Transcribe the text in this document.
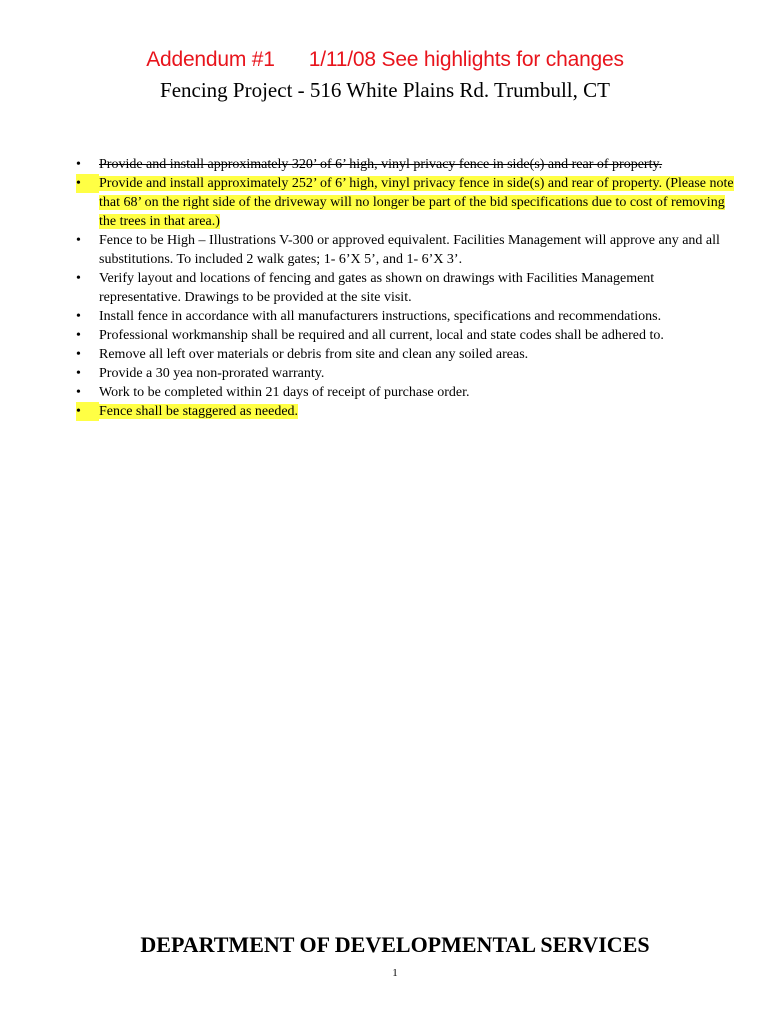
Addendum #1 1/11/08 See highlights for changes
Fencing Project - 516 White Plains Rd. Trumbull, CT
•	Provide and install approximately 320’ of 6’ high, vinyl privacy fence in side(s) and rear of property.
•	Provide and install approximately 252’ of 6’ high, vinyl privacy fence in side(s) and rear of property. (Please note that 68’ on the right side of the driveway will no longer be part of the bid specifications due to cost of removing the trees in that area.)
•	Fence to be High – Illustrations V-300 or approved equivalent. Facilities Management will approve any and all substitutions. To included 2 walk gates; 1- 6’X 5’, and 1- 6’X 3’.
•	Verify layout and locations of fencing and gates as shown on drawings with Facilities Management representative. Drawings to be provided at the site visit.
•	Install fence in accordance with all manufacturers instructions, specifications and recommendations.
•	Professional workmanship shall be required and all current, local and state codes shall be adhered to.
•	Remove all left over materials or debris from site and clean any soiled areas.
•	Provide a 30 yea non-prorated warranty.
•	Work to be completed within 21 days of receipt of purchase order.
•	Fence shall be staggered as needed.
DEPARTMENT OF DEVELOPMENTAL SERVICES
1
